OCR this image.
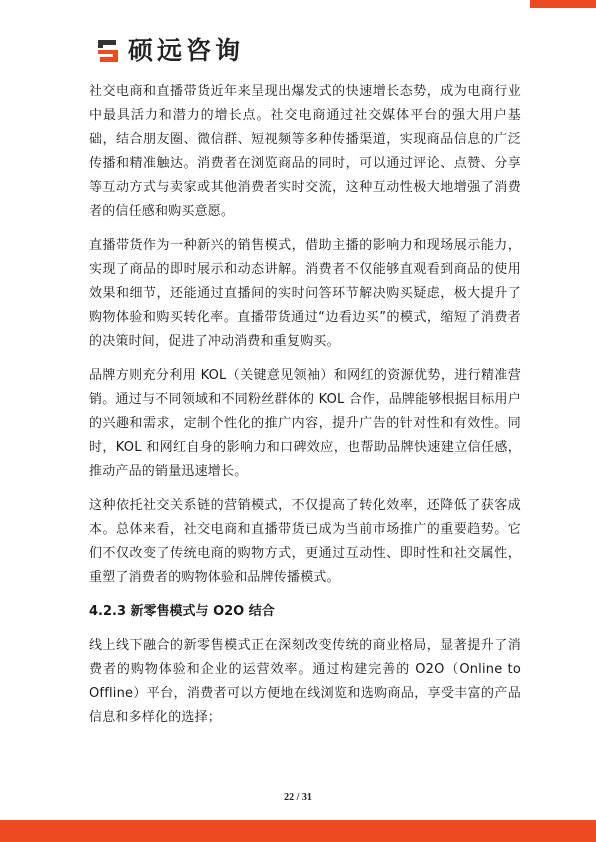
硕远咨询

社交电商和直播带货近年来呈现出爆发式的快速增长态势，成为电商行业中最具活力和潜力的增长点。社交电商通过社交媒体平台的强大用户基础，结合朋友圈、微信群、短视频等多种传播渠道，实现商品信息的广泛传播和精准触达。消费者在浏览商品的同时，可以通过评论、点赞、分享等互动方式与卖家或其他消费者实时交流，这种互动性极大地增强了消费者的信任感和购买意愿。

直播带货作为一种新兴的销售模式，借助主播的影响力和现场展示能力，实现了商品的即时展示和动态讲解。消费者不仅能够直观看到商品的使用效果和细节，还能通过直播间的实时问答环节解决购买疑虑，极大提升了购物体验和购买转化率。直播带货通过“边看边买”的模式，缩短了消费者的决策时间，促进了冲动消费和重复购买。

品牌方则充分利用 KOL（关键意见领袖）和网红的资源优势，进行精准营销。通过与不同领域和不同粉丝群体的 KOL 合作，品牌能够根据目标用户的兴趣和需求，定制个性化的推广内容，提升广告的针对性和有效性。同时，KOL 和网红自身的影响力和口碑效应，也帮助品牌快速建立信任感，推动产品的销量迅速增长。

这种依托社交关系链的营销模式，不仅提高了转化效率，还降低了获客成本。总体来看，社交电商和直播带货已成为当前市场推广的重要趋势。它们不仅改变了传统电商的购物方式，更通过互动性、即时性和社交属性，重塑了消费者的购物体验和品牌传播模式。

4.2.3 新零售模式与 O2O 结合

线上线下融合的新零售模式正在深刻改变传统的商业格局，显著提升了消费者的购物体验和企业的运营效率。通过构建完善的 O2O（Online to Offline）平台，消费者可以方便地在线浏览和选购商品，享受丰富的产品信息和多样化的选择；

22 / 31
